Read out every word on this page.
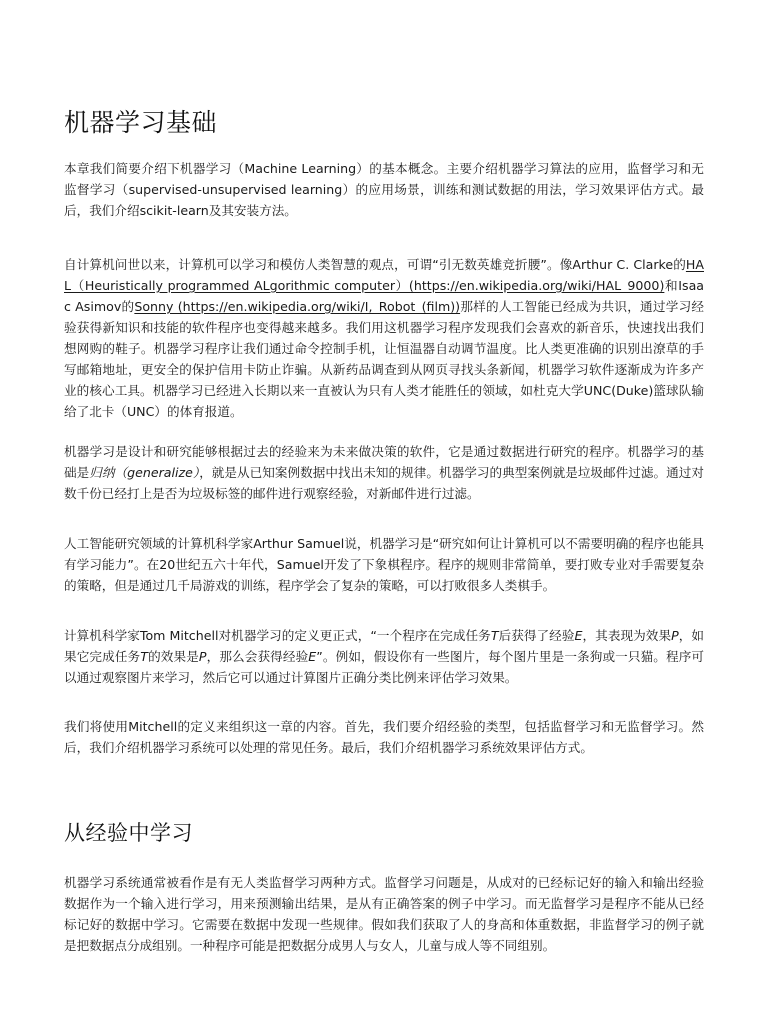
机器学习基础

本章我们简要介绍下机器学习（Machine Learning）的基本概念。主要介绍机器学习算法的应用，监督学习和无监督学习（supervised-unsupervised learning）的应用场景，训练和测试数据的用法，学习效果评估方式。最后，我们介绍scikit-learn及其安装方法。

自计算机问世以来，计算机可以学习和模仿人类智慧的观点，可谓“引无数英雄竞折腰”。像Arthur C. Clarke的HAL（Heuristically programmed ALgorithmic computer）(https://en.wikipedia.org/wiki/HAL_9000)和Isaac Asimov的Sonny (https://en.wikipedia.org/wiki/I,_Robot_(film))那样的人工智能已经成为共识，通过学习经验获得新知识和技能的软件程序也变得越来越多。我们用这机器学习程序发现我们会喜欢的新音乐，快速找出我们想网购的鞋子。机器学习程序让我们通过命令控制手机，让恒温器自动调节温度。比人类更准确的识别出潦草的手写邮箱地址，更安全的保护信用卡防止诈骗。从新药品调查到从网页寻找头条新闻，机器学习软件逐渐成为许多产业的核心工具。机器学习已经进入长期以来一直被认为只有人类才能胜任的领域，如杜克大学UNC(Duke)篮球队输给了北卡（UNC）的体育报道。

机器学习是设计和研究能够根据过去的经验来为未来做决策的软件，它是通过数据进行研究的程序。机器学习的基础是归纳（generalize），就是从已知案例数据中找出未知的规律。机器学习的典型案例就是垃圾邮件过滤。通过对数千份已经打上是否为垃圾标签的邮件进行观察经验，对新邮件进行过滤。

人工智能研究领域的计算机科学家Arthur Samuel说，机器学习是“研究如何让计算机可以不需要明确的程序也能具有学习能力”。在20世纪五六十年代，Samuel开发了下象棋程序。程序的规则非常简单，要打败专业对手需要复杂的策略，但是通过几千局游戏的训练，程序学会了复杂的策略，可以打败很多人类棋手。

计算机科学家Tom Mitchell对机器学习的定义更正式，“一个程序在完成任务T后获得了经验E，其表现为效果P，如果它完成任务T的效果是P，那么会获得经验E”。例如，假设你有一些图片，每个图片里是一条狗或一只猫。程序可以通过观察图片来学习，然后它可以通过计算图片正确分类比例来评估学习效果。

我们将使用Mitchell的定义来组织这一章的内容。首先，我们要介绍经验的类型，包括监督学习和无监督学习。然后，我们介绍机器学习系统可以处理的常见任务。最后，我们介绍机器学习系统效果评估方式。

从经验中学习

机器学习系统通常被看作是有无人类监督学习两种方式。监督学习问题是，从成对的已经标记好的输入和输出经验数据作为一个输入进行学习，用来预测输出结果，是从有正确答案的例子中学习。而无监督学习是程序不能从已经标记好的数据中学习。它需要在数据中发现一些规律。假如我们获取了人的身高和体重数据，非监督学习的例子就是把数据点分成组别。一种程序可能是把数据分成男人与女人，儿童与成人等不同组别。
